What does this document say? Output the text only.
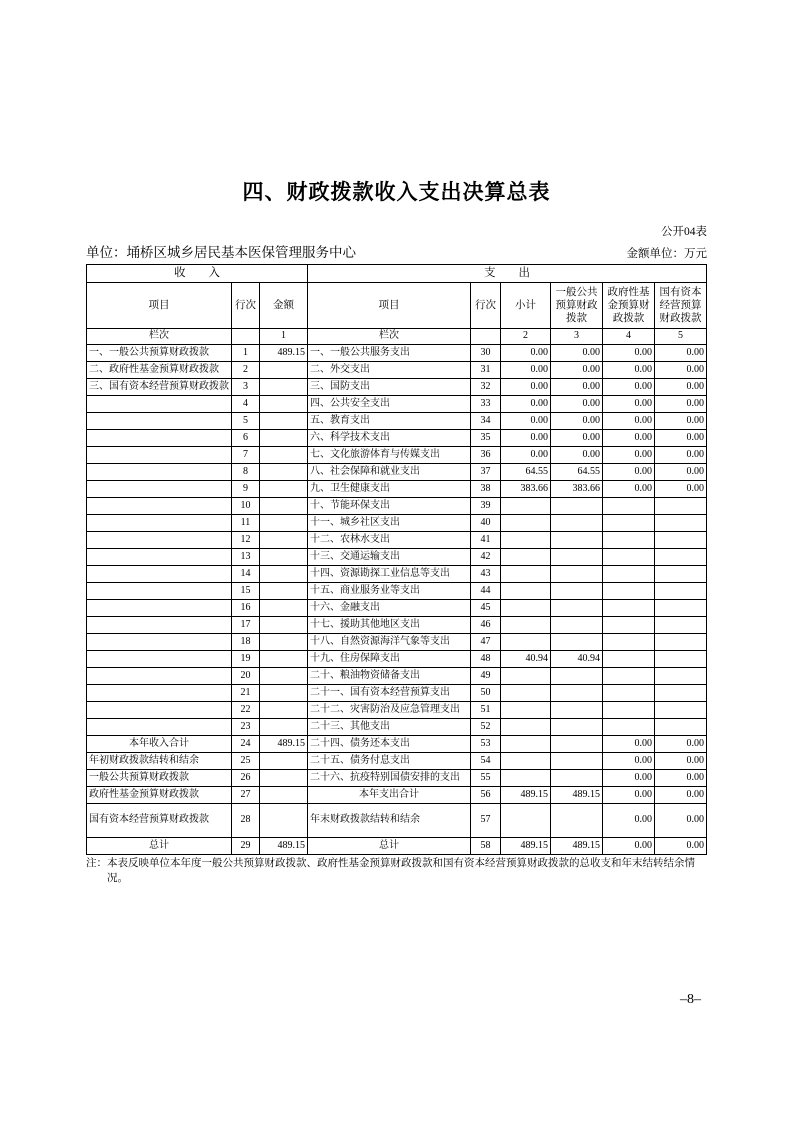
四、财政拨款收入支出决算总表
公开04表
单位：埇桥区城乡居民基本医保管理服务中心	金额单位：万元
收　　入			支　　出					
项目	行次	金额	项目	行次	小计	一般公共预算财政拨款	政府性基金预算财政拨款	国有资本经营预算财政拨款
栏次		1	栏次		2	3	4	5
一、一般公共预算财政拨款	1	489.15	一、一般公共服务支出	30	0.00	0.00	0.00	0.00
二、政府性基金预算财政拨款	2		二、外交支出	31	0.00	0.00	0.00	0.00
三、国有资本经营预算财政拨款	3		三、国防支出	32	0.00	0.00	0.00	0.00
	4		四、公共安全支出	33	0.00	0.00	0.00	0.00
	5		五、教育支出	34	0.00	0.00	0.00	0.00
	6		六、科学技术支出	35	0.00	0.00	0.00	0.00
	7		七、文化旅游体育与传媒支出	36	0.00	0.00	0.00	0.00
	8		八、社会保障和就业支出	37	64.55	64.55	0.00	0.00
	9		九、卫生健康支出	38	383.66	383.66	0.00	0.00
	10		十、节能环保支出	39				
	11		十一、城乡社区支出	40				
	12		十二、农林水支出	41				
	13		十三、交通运输支出	42				
	14		十四、资源勘探工业信息等支出	43				
	15		十五、商业服务业等支出	44				
	16		十六、金融支出	45				
	17		十七、援助其他地区支出	46				
	18		十八、自然资源海洋气象等支出	47				
	19		十九、住房保障支出	48	40.94	40.94		
	20		二十、粮油物资储备支出	49				
	21		二十一、国有资本经营预算支出	50				
	22		二十二、灾害防治及应急管理支出	51				
	23		二十三、其他支出	52				
本年收入合计	24	489.15	二十四、债务还本支出	53			0.00	0.00
年初财政拨款结转和结余	25		二十五、债务付息支出	54			0.00	0.00
一般公共预算财政拨款	26		二十六、抗疫特别国债安排的支出	55			0.00	0.00
政府性基金预算财政拨款	27		本年支出合计	56	489.15	489.15	0.00	0.00
国有资本经营预算财政拨款	28		年末财政拨款结转和结余	57			0.00	0.00
总计	29	489.15	总计	58	489.15	489.15	0.00	0.00
注：本表反映单位本年度一般公共预算财政拨款、政府性基金预算财政拨款和国有资本经营预算财政拨款的总收支和年末结转结余情况。
–8–
